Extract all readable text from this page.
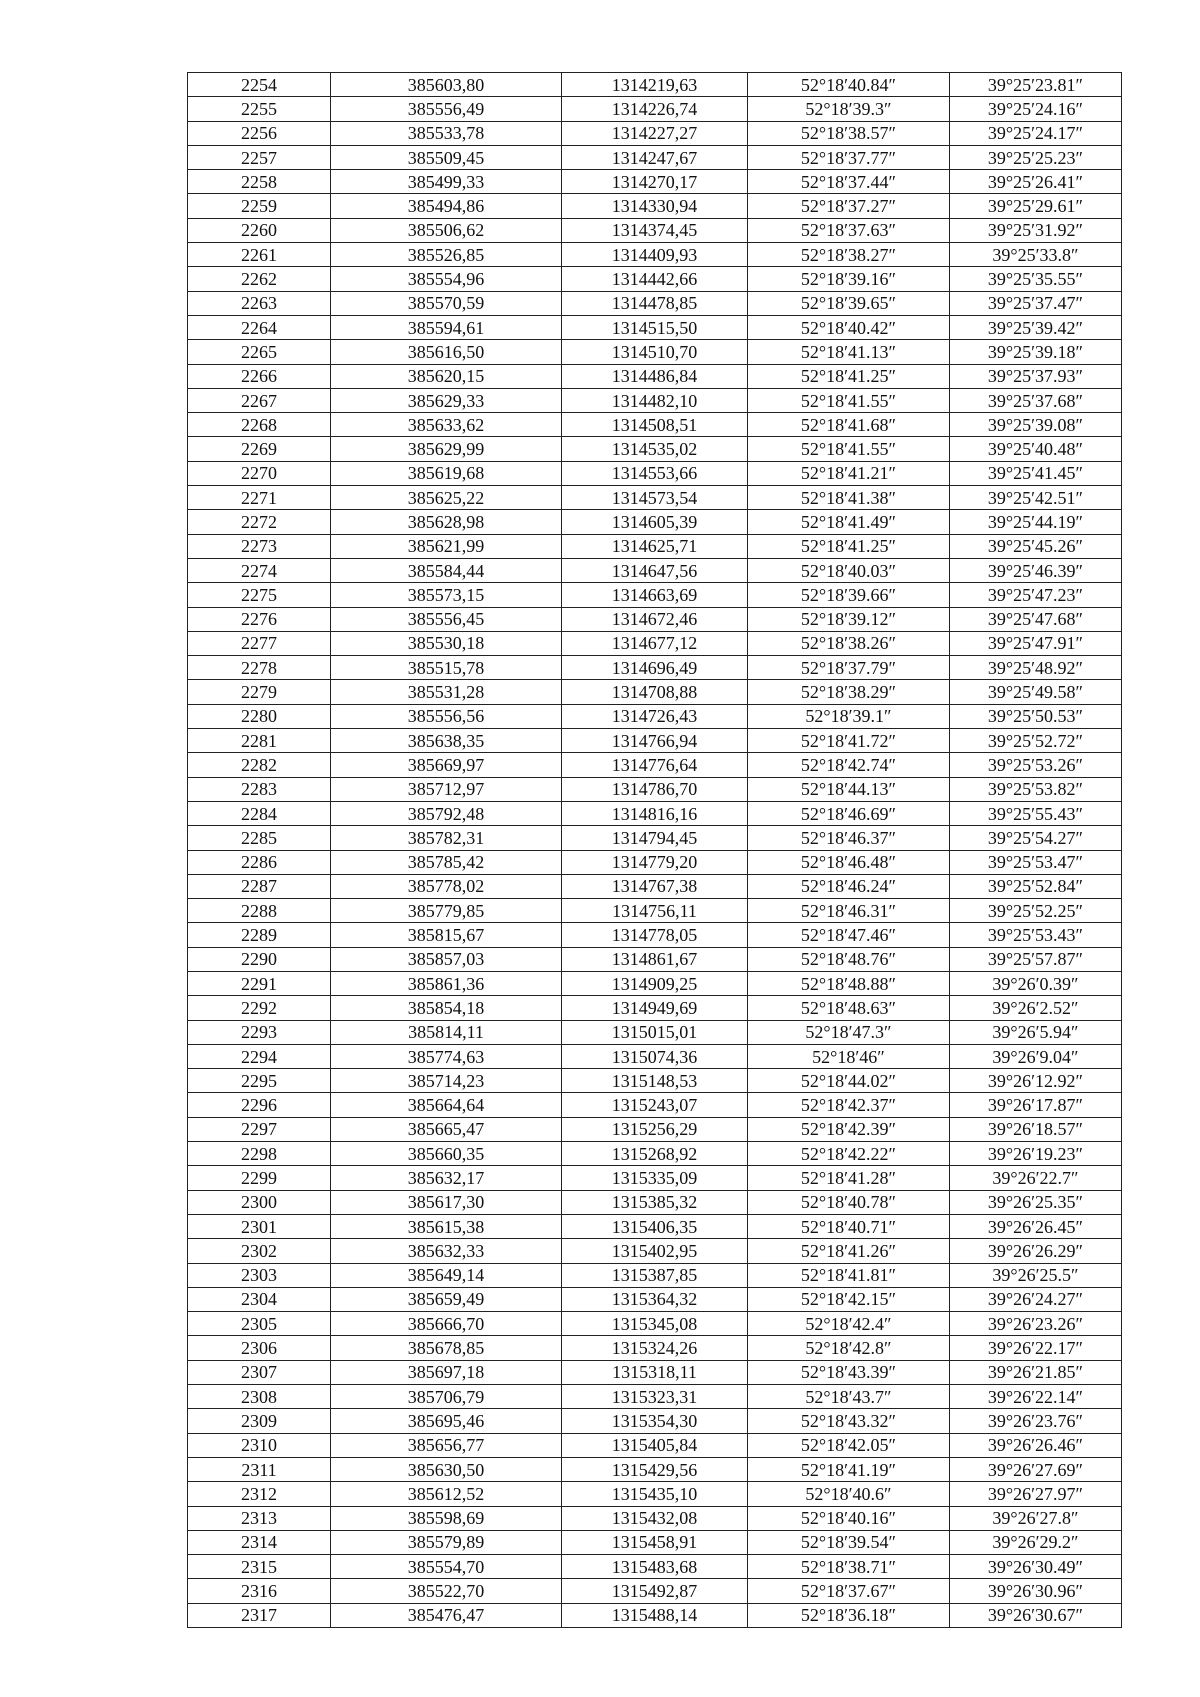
2254	385603,80	1314219,63	52°18′40.84″	39°25′23.81″
2255	385556,49	1314226,74	52°18′39.3″	39°25′24.16″
2256	385533,78	1314227,27	52°18′38.57″	39°25′24.17″
2257	385509,45	1314247,67	52°18′37.77″	39°25′25.23″
2258	385499,33	1314270,17	52°18′37.44″	39°25′26.41″
2259	385494,86	1314330,94	52°18′37.27″	39°25′29.61″
2260	385506,62	1314374,45	52°18′37.63″	39°25′31.92″
2261	385526,85	1314409,93	52°18′38.27″	39°25′33.8″
2262	385554,96	1314442,66	52°18′39.16″	39°25′35.55″
2263	385570,59	1314478,85	52°18′39.65″	39°25′37.47″
2264	385594,61	1314515,50	52°18′40.42″	39°25′39.42″
2265	385616,50	1314510,70	52°18′41.13″	39°25′39.18″
2266	385620,15	1314486,84	52°18′41.25″	39°25′37.93″
2267	385629,33	1314482,10	52°18′41.55″	39°25′37.68″
2268	385633,62	1314508,51	52°18′41.68″	39°25′39.08″
2269	385629,99	1314535,02	52°18′41.55″	39°25′40.48″
2270	385619,68	1314553,66	52°18′41.21″	39°25′41.45″
2271	385625,22	1314573,54	52°18′41.38″	39°25′42.51″
2272	385628,98	1314605,39	52°18′41.49″	39°25′44.19″
2273	385621,99	1314625,71	52°18′41.25″	39°25′45.26″
2274	385584,44	1314647,56	52°18′40.03″	39°25′46.39″
2275	385573,15	1314663,69	52°18′39.66″	39°25′47.23″
2276	385556,45	1314672,46	52°18′39.12″	39°25′47.68″
2277	385530,18	1314677,12	52°18′38.26″	39°25′47.91″
2278	385515,78	1314696,49	52°18′37.79″	39°25′48.92″
2279	385531,28	1314708,88	52°18′38.29″	39°25′49.58″
2280	385556,56	1314726,43	52°18′39.1″	39°25′50.53″
2281	385638,35	1314766,94	52°18′41.72″	39°25′52.72″
2282	385669,97	1314776,64	52°18′42.74″	39°25′53.26″
2283	385712,97	1314786,70	52°18′44.13″	39°25′53.82″
2284	385792,48	1314816,16	52°18′46.69″	39°25′55.43″
2285	385782,31	1314794,45	52°18′46.37″	39°25′54.27″
2286	385785,42	1314779,20	52°18′46.48″	39°25′53.47″
2287	385778,02	1314767,38	52°18′46.24″	39°25′52.84″
2288	385779,85	1314756,11	52°18′46.31″	39°25′52.25″
2289	385815,67	1314778,05	52°18′47.46″	39°25′53.43″
2290	385857,03	1314861,67	52°18′48.76″	39°25′57.87″
2291	385861,36	1314909,25	52°18′48.88″	39°26′0.39″
2292	385854,18	1314949,69	52°18′48.63″	39°26′2.52″
2293	385814,11	1315015,01	52°18′47.3″	39°26′5.94″
2294	385774,63	1315074,36	52°18′46″	39°26′9.04″
2295	385714,23	1315148,53	52°18′44.02″	39°26′12.92″
2296	385664,64	1315243,07	52°18′42.37″	39°26′17.87″
2297	385665,47	1315256,29	52°18′42.39″	39°26′18.57″
2298	385660,35	1315268,92	52°18′42.22″	39°26′19.23″
2299	385632,17	1315335,09	52°18′41.28″	39°26′22.7″
2300	385617,30	1315385,32	52°18′40.78″	39°26′25.35″
2301	385615,38	1315406,35	52°18′40.71″	39°26′26.45″
2302	385632,33	1315402,95	52°18′41.26″	39°26′26.29″
2303	385649,14	1315387,85	52°18′41.81″	39°26′25.5″
2304	385659,49	1315364,32	52°18′42.15″	39°26′24.27″
2305	385666,70	1315345,08	52°18′42.4″	39°26′23.26″
2306	385678,85	1315324,26	52°18′42.8″	39°26′22.17″
2307	385697,18	1315318,11	52°18′43.39″	39°26′21.85″
2308	385706,79	1315323,31	52°18′43.7″	39°26′22.14″
2309	385695,46	1315354,30	52°18′43.32″	39°26′23.76″
2310	385656,77	1315405,84	52°18′42.05″	39°26′26.46″
2311	385630,50	1315429,56	52°18′41.19″	39°26′27.69″
2312	385612,52	1315435,10	52°18′40.6″	39°26′27.97″
2313	385598,69	1315432,08	52°18′40.16″	39°26′27.8″
2314	385579,89	1315458,91	52°18′39.54″	39°26′29.2″
2315	385554,70	1315483,68	52°18′38.71″	39°26′30.49″
2316	385522,70	1315492,87	52°18′37.67″	39°26′30.96″
2317	385476,47	1315488,14	52°18′36.18″	39°26′30.67″
